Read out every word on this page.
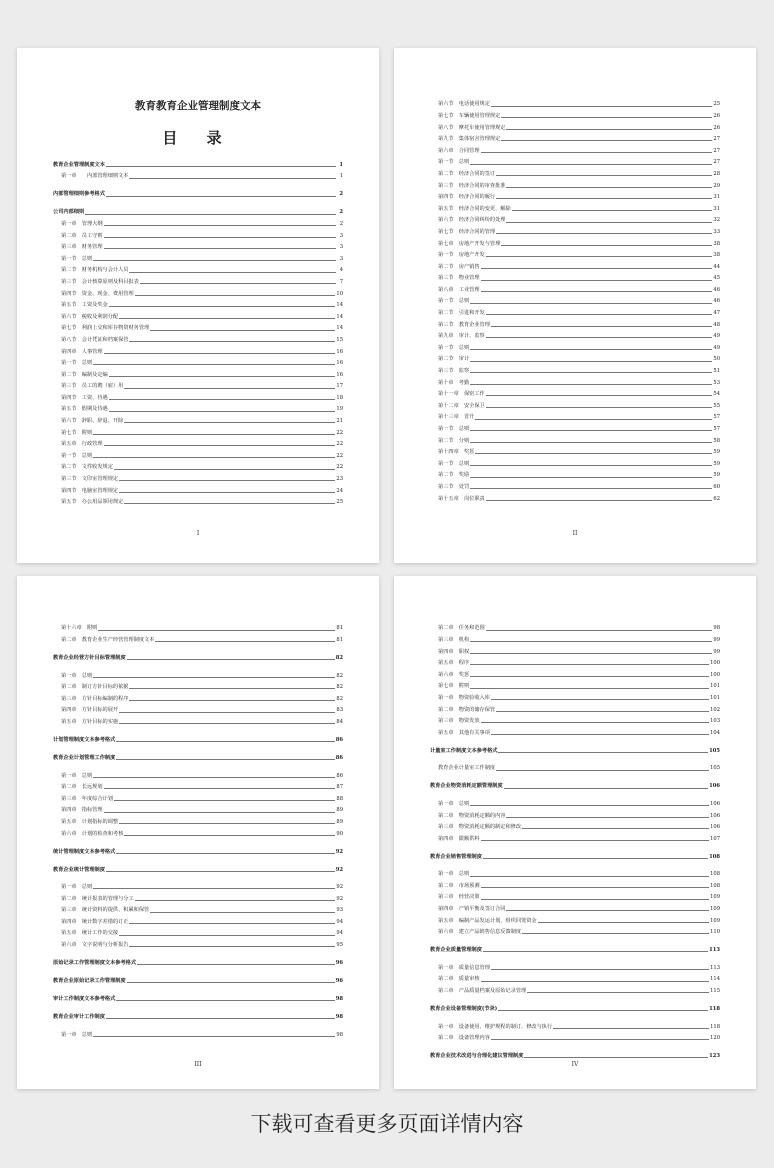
教育教育企业管理制度文本
目 录
教育企业管理制度文本	1
第一章　　内部管理细则文本	1
内部管理细则参考格式	2
公司内部细则	2
第一章　管理大纲	2
第二章　员工守则	3
第三章　财务管理	3
第一节　总则	3
第二节　财务机构与会计人员	4
第三节　会计核算原则及科目报表	7
第四节　资金、现金、费用管理	10
第五节　工资及奖金	14
第六节　税收及利润分配	14
第七节　利润上交和库存物资财务管理	14
第八节　会计凭证和档案保管	15
第四章　人事管理	16
第一节　总则	16
第二节　编制及定编	16
第三节　员工的聘（雇）用	17
第四节　工资、待遇	18
第五节　假期及待遇	19
第六节　辞职、辞退、开除	21
第七节　附则	22
第五章　行政管理	22
第一节　总则	22
第二节　文件收发规定	22
第三节　文印室管理规定	23
第四节　电脑室管理规定	24
第五节　办公用品领用规定	25
I
第六节　电话使用规定	25
第七节　车辆使用管理规定	26
第八节　摩托车使用管理规定	26
第九节　集体宿舍管理规定	27
第六章　合同管理	27
第一节　总则	27
第二节　经济合同的签订	28
第三节　经济合同的审查批准	29
第四节　经济合同的履行	31
第五节　经济合同的变更、解除	31
第六节　经济合同纠纷的处理	32
第七节　经济合同的管理	33
第七章　房地产开发与管理	38
第一节　房地产开发	38
第二节　房产销售	44
第三节　物业管理	45
第八章　工业管理	46
第一节　总则	46
第二节　引进和开发	47
第三节　教育企业管理	48
第九章　审计、监察	49
第一节　总则	49
第二节　审计	50
第三节　监察	51
第十章　考勤	53
第十一章　保密工作	54
第十二章　安全保卫	55
第十三章　晋升	57
第一节　总则	57
第二节　分则	58
第十四章　奖惩	59
第一节　总则	59
第二节　奖励	59
第三节　处罚	60
第十五章　岗位职责	62
II
第十六章　附则	81
第二章　教育企业生产经营管理制度文本	81
教育企业经营方针目标管理制度	82
第一章　总则	82
第二章　制订方针目标的依据	82
第三章　方针目标编制的程序	82
第四章　方针目标的展开	83
第五章　方针目标的实施	84
计划管理制度文本参考格式	86
教育企业计划管理工作制度	86
第一章　总则	86
第二章　长远规划	87
第三章　年度综合计划	88
第四章　指标管理	89
第五章　计划指标的调整	89
第六章　计划的检查和考核	90
统计管理制度文本参考格式	92
教育企业统计管理制度	92
第一章　总则	92
第二章　统计报表的管理与分工	92
第三章　统计资料的提供、积累和保管	93
第四章　统计数字差错的订正	94
第五章　统计工作的交接	94
第六章　文字说明与分析报告	95
原始记录工作管理制度文本参考格式	96
教育企业原始记录工作管理制度	96
审计工作制度文本参考格式	98
教育企业审计工作制度	98
第一章　总则	98
III
第二章　任务和范围	98
第三章　机构	99
第四章　职权	99
第五章　程序	100
第六章　奖惩	100
第七章　附则	101
第一章　物资验收入库	101
第二章　物资的储存保管	102
第三章　物资发放	103
第五章　其他有关事项	104
计量室工作制度文本参考格式	105
教育企业计量室工作制度	105
教育企业物资消耗定额管理制度	106
第一章　总则	106
第二章　物资消耗定额的内容	106
第三章　物资消耗定额的制定和修改	106
第四章　限额供料	107
教育企业销售管理制度	108
第一章　总则	108
第二章　市场预测	108
第三章　经营决策	109
第四章　产销平衡及签订合同	109
第五章　编制产品发运计划，组织回笼资金	109
第六章　建立产品销售信息反馈制度	110
教育企业质量管理制度	113
第一章　质量信息管理	113
第二章　质量审核	114
第三章　产品质量档案及原始记录管理	115
教育企业设备管理制度(节录)	118
第一章　设备使用、维护规程的制订、修改与执行	118
第二章　设备管理内容	120
教育企业技术改进与合理化建议管理制度	123
IV
下载可查看更多页面详情内容
